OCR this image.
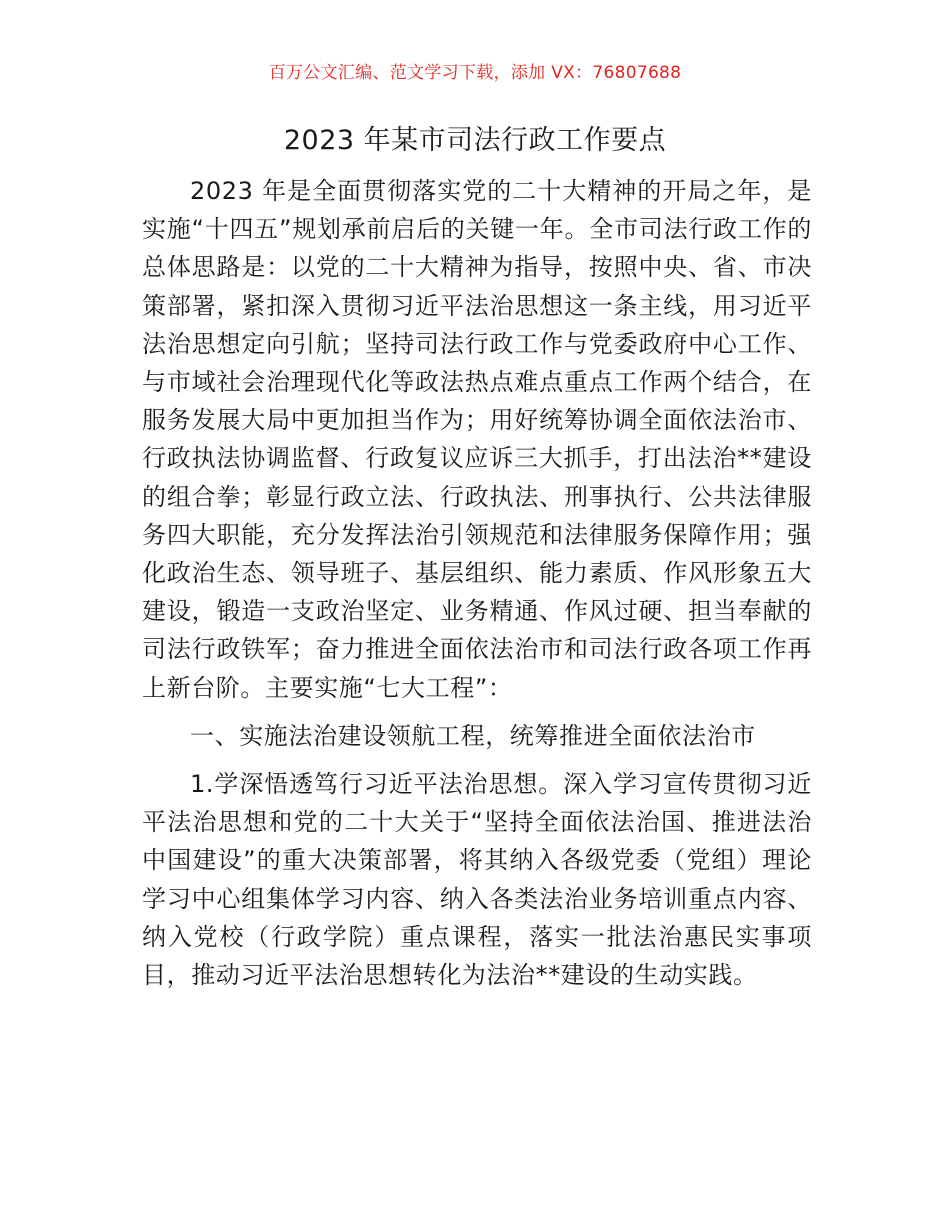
百万公文汇编、范文学习下载，添加 VX：76807688
2023 年某市司法行政工作要点

2023 年是全面贯彻落实党的二十大精神的开局之年，是实施“十四五”规划承前启后的关键一年。全市司法行政工作的总体思路是：以党的二十大精神为指导，按照中央、省、市决策部署，紧扣深入贯彻习近平法治思想这一条主线，用习近平法治思想定向引航；坚持司法行政工作与党委政府中心工作、与市域社会治理现代化等政法热点难点重点工作两个结合，在服务发展大局中更加担当作为；用好统筹协调全面依法治市、行政执法协调监督、行政复议应诉三大抓手，打出法治**建设的组合拳；彰显行政立法、行政执法、刑事执行、公共法律服务四大职能，充分发挥法治引领规范和法律服务保障作用；强化政治生态、领导班子、基层组织、能力素质、作风形象五大建设，锻造一支政治坚定、业务精通、作风过硬、担当奉献的司法行政铁军；奋力推进全面依法治市和司法行政各项工作再上新台阶。主要实施“七大工程”：

一、实施法治建设领航工程，统筹推进全面依法治市

1.学深悟透笃行习近平法治思想。深入学习宣传贯彻习近平法治思想和党的二十大关于“坚持全面依法治国、推进法治中国建设”的重大决策部署，将其纳入各级党委（党组）理论学习中心组集体学习内容、纳入各类法治业务培训重点内容、纳入党校（行政学院）重点课程，落实一批法治惠民实事项目，推动习近平法治思想转化为法治**建设的生动实践。
